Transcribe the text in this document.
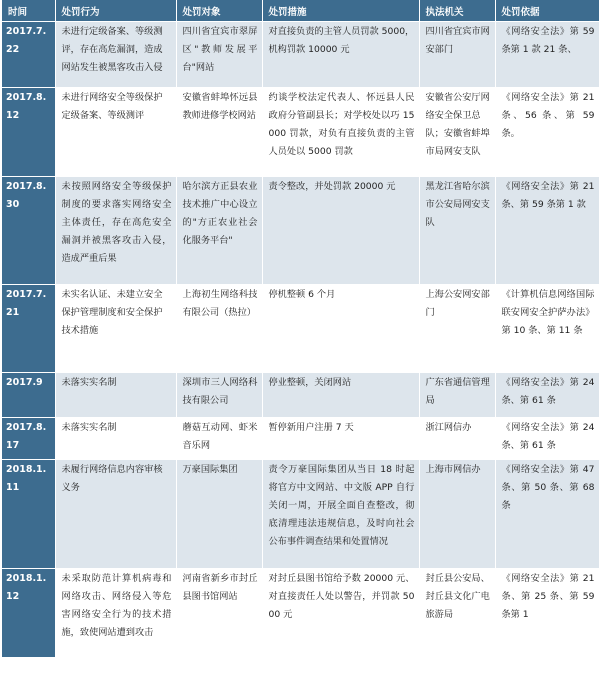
时间	处罚行为	处罚对象	处罚措施	执法机关	处罚依据
2017.7.22	未进行定级备案、等级测评，存在高危漏洞，造成网站发生被黑客攻击入侵	四川省宜宾市翠屏区"教师发展平台"网站	对直接负责的主管人员罚款 5000，机构罚款 10000 元	四川省宜宾市网安部门	《网络安全法》第 59 条第 1 款 21 条、
2017.8.12	未进行网络安全等级保护定级备案、等级测评	安徽省蚌埠怀远县教师进修学校网站	约谈学校法定代表人、怀远县人民政府分管副县长；对学校处以巧 15000 罚款，对负有直接负责的主管人员处以 5000 罚款	安徽省公安厅网络安全保卫总队；安徽省蚌埠市局网安支队	《网络安全法》第 21 条、56 条、第 59 条。
2017.8.30	未按照网络安全等级保护制度的要求落实网络安全主体责任，存在高危安全漏洞并被黑客攻击入侵，造成严重后果	哈尔滨方正县农业技术推广中心设立的"方正农业社会化服务平台"	责令整改，并处罚款 20000 元	黑龙江省哈尔滨市公安局网安支队	《网络安全法》第 21 条、第 59 条第 1 款
2017.7.21	未实名认证、未建立安全保护管理制度和安全保护技术措施	上海初生网络科技有限公司（热拉）	停机整顿 6 个月	上海公安网安部门	《计算机信息网络国际联安网安全护萨办法》第 10 条、第 11 条
2017.9	未落实实名制	深圳市三人网络科技有限公司	停业整顿，关闭网站	广东省通信管理局	《网络安全法》第 24 条、第 61 条
2017.8.17	未落实实名制	蘑菇互动网、虾米音乐网	暂停新用户注册 7 天	浙江网信办	《网络安全法》第 24 条、第 61 条
2018.1.11	未履行网络信息内容审核义务	万豪国际集团	责令万豪国际集团从当日 18 时起将官方中文网站、中文版 APP 自行关闭一周，开展全面自查整改，彻底清理违法违规信息，及时向社会公布事件调查结果和处置情况	上海市网信办	《网络安全法》第 47 条、第 50 条、第 68 条
2018.1.12	未采取防范计算机病毒和网络攻击、网络侵入等危害网络安全行为的技术措施，致使网站遭到攻击	河南省新乡市封丘县图书馆网站	对封丘县图书馆给予数 20000 元、对直接责任人处以警告，并罚款 5000 元	封丘县公安局、封丘县文化广电旅游局	《网络安全法》第 21 条、第 25 条、第 59 条第 1
